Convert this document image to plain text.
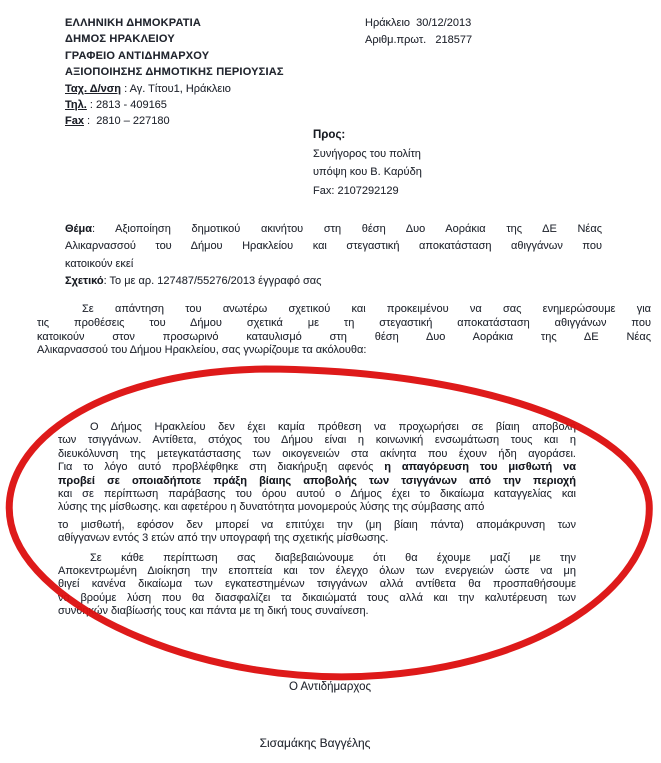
ΕΛΛΗΝΙΚΗ ΔΗΜΟΚΡΑΤΙΑ
ΔΗΜΟΣ ΗΡΑΚΛΕΙΟΥ
ΓΡΑΦΕΙΟ ΑΝΤΙΔΗΜΑΡΧΟΥ
ΑΞΙΟΠΟΙΗΣΗΣ ΔΗΜΟΤΙΚΗΣ ΠΕΡΙΟΥΣΙΑΣ
Ταχ. Δ/νση : Αγ. Τίτου1, Ηράκλειο
Τηλ. : 2813 - 409165
Fax :  2810 – 227180
Ηράκλειο  30/12/2013
Αριθμ.πρωτ.   218577
Προς:
Συνήγορος του πολίτη
υπόψη κου Β. Καρύδη
Fax: 2107292129
Θέμα: Αξιοποίηση δημοτικού ακινήτου στη θέση Δυο Αοράκια της ΔΕ Νέας
Αλικαρνασσού του Δήμου Ηρακλείου και στεγαστική αποκατάσταση αθιγγάνων που
κατοικούν εκεί
Σχετικό: Το με αρ. 127487/55276/2013 έγγραφό σας
Σε απάντηση του ανωτέρω σχετικού και προκειμένου να σας ενημερώσουμε για
τις προθέσεις του Δήμου σχετικά με τη στεγαστική αποκατάσταση αθιγγάνων που
κατοικούν στον προσωρινό καταυλισμό στη θέση Δυο Αοράκια της ΔΕ Νέας
Αλικαρνασσού του Δήμου Ηρακλείου, σας γνωρίζουμε τα ακόλουθα:
Ο Δήμος Ηρακλείου δεν έχει καμία πρόθεση να προχωρήσει σε βίαιη αποβολή
των τσιγγάνων. Αντίθετα, στόχος του Δήμου είναι η κοινωνική ενσωμάτωση τους και η
διευκόλυνση της μετεγκατάστασης των οικογενειών στα ακίνητα που έχουν ήδη αγοράσει.
Για το λόγο αυτό προβλέφθηκε στη διακήρυξη αφενός η απαγόρευση του μισθωτή να
προβεί σε οποιαδήποτε πράξη βίαιης αποβολής των τσιγγάνων από την περιοχή
και σε περίπτωση παράβασης του όρου αυτού ο Δήμος έχει το δικαίωμα καταγγελίας και
λύσης της μίσθωσης. και αφετέρου η δυνατότητα μονομερούς λύσης της σύμβασης από
το μισθωτή, εφόσον δεν μπορεί να επιτύχει την (μη βίαιη πάντα) απομάκρυνση των
αθίγγανων εντός 3 ετών από την υπογραφή της σχετικής μίσθωσης.
Σε κάθε περίπτωση σας διαβεβαιώνουμε ότι θα έχουμε μαζί με την
Αποκεντρωμένη Διοίκηση την εποπτεία και τον έλεγχο όλων των ενεργειών ώστε να μη
θιγεί κανένα δικαίωμα των εγκατεστημένων τσιγγάνων αλλά αντίθετα θα προσπαθήσουμε
να βρούμε λύση που θα διασφαλίζει τα δικαιώματά τους αλλά και την καλυτέρευση των
συνθηκών διαβίωσής τους και πάντα με τη δική τους συναίνεση.
Ο Αντιδήμαρχος
Σισαμάκης Βαγγέλης
